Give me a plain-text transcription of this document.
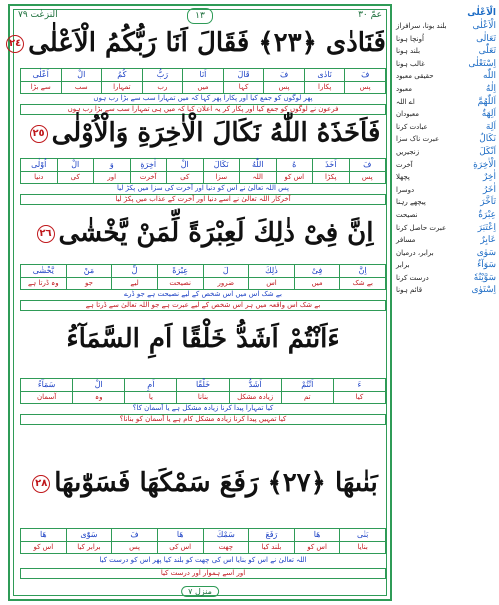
النزعٰت ٧٩	١٣	عمّ ٣٠
فَنَادٰی ﴿٢٣﴾ فَقَالَ اَنَا رَبُّكُمُ الْاَعْلٰی٢٤
فَ
پس
نَادٰی
پکارا
فَ
پس
قَالَ
کہا
اَنَا
میں
رَبُّ
رب
كُمُ
تمہارا
الْ
سب
اَعْلٰی
سے بڑا
پھر لوگوں کو جمع کیا اور پکارا پھر کہا کہ میں تمہارا سب سے بڑا رب ہوں
فرعون نے لوگوں کو جمع کیا اور پکار کر یہ اعلان کیا کہ میں ہی تمہارا سب سے بڑا رب ہوں
فَاَخَذَهُ اللّٰهُ نَكَالَ الْاٰخِرَةِ وَالْاُوْلٰی٢٥
فَ
پس
اَخَذَ
پکڑا
هُ
اس کو
اللّٰهُ
اللہ
نَكَالَ
سزا
الْ
کی
اٰخِرَةِ
آخرت
وَ
اور
الْ
کی
اُوْلٰی
دنیا
پس اللہ تعالیٰ نے اس کو دنیا اور آخرت کی سزا میں پکڑ لیا
آخرکار اللہ تعالیٰ نے اسے دنیا اور آخرت کے عذاب میں پکڑ لیا
اِنَّ فِیْ ذٰلِكَ لَعِبْرَةً لِّمَنْ يَّخْشٰی٢٦
اِنَّ
بے شک
فِیْ
میں
ذٰلِكَ
اس
لَ
ضرور
عِبْرَةً
نصیحت
لِّ
لیے
مَنْ
جو
يَّخْشٰی
وہ ڈرتا ہے
بے شک اس میں اس شخص کے لیے نصیحت ہے جو ڈرے
بے شک اس واقعہ میں ہر اس شخص کے لیے عبرت ہے جو اللہ تعالیٰ سے ڈرتا ہے
ءَاَنْتُمْ اَشَدُّ خَلْقًا اَمِ السَّمَآءُ
ءَ
کیا
اَنْتُمْ
تم
اَشَدُّ
زیادہ مشکل
خَلْقًا
بنانا
اَمِ
یا
الْ
وہ
سَمَآءُ
آسمان
کیا تمہارا پیدا کرنا زیادہ مشکل ہے یا آسمان کا؟
کیا تمہیں پیدا کرنا زیادہ مشکل کام ہے یا آسمان کو بنانا؟
بَنٰىهَا ﴿٢٧﴾ رَفَعَ سَمْكَهَا فَسَوّٰىهَا٢٨
بَنٰى
بنایا
هَا
اس کو
رَفَعَ
بلند کیا
سَمْكَ
چھت
هَا
اس کی
فَ
پس
سَوّٰى
برابر کیا
هَا
اس کو
اللہ تعالیٰ نے اس کو بنایا اس کی چھت کو بلند کیا پھر اس کو درست کیا
اور اسے ہموار اور درست کیا
منزل ٧
الْاَعْلٰی
الْاَعْلٰی
بلند بونا، سرافراز
تَعَالٰی
اُونچا ہونا
تَعَلّٰی
بلند ہونا
اِسْتَعْلٰی
غالب ہونا
اللّٰه
حقیقی معبود
اِلٰهٌ
معبود
اَللّٰهُمَّ
اے اللہ
اَلِهَةٌ
معبودان
اَلِهَ
عبادت کرنا
نَكَالٌ
عبرت ناک سزا
اَنْكَلَ
زنجیریں
الْاٰخِرَةِ
آخرت
اٰخِرٌ
پچھلا
اٰخَرُ
دوسرا
تَاَخَّرَ
پیچھے رہنا
عِبْرَةٌ
نصیحت
اِعْتَبَرَ
عبرت حاصل کرنا
عَابِرٌ
مسافر
سَوٰی
برابر، درمیان
سَوَآءٌ
برابر
سَوَّیْتُهٗ
درست کرنا
اِسْتَوٰی
قائم ہونا
